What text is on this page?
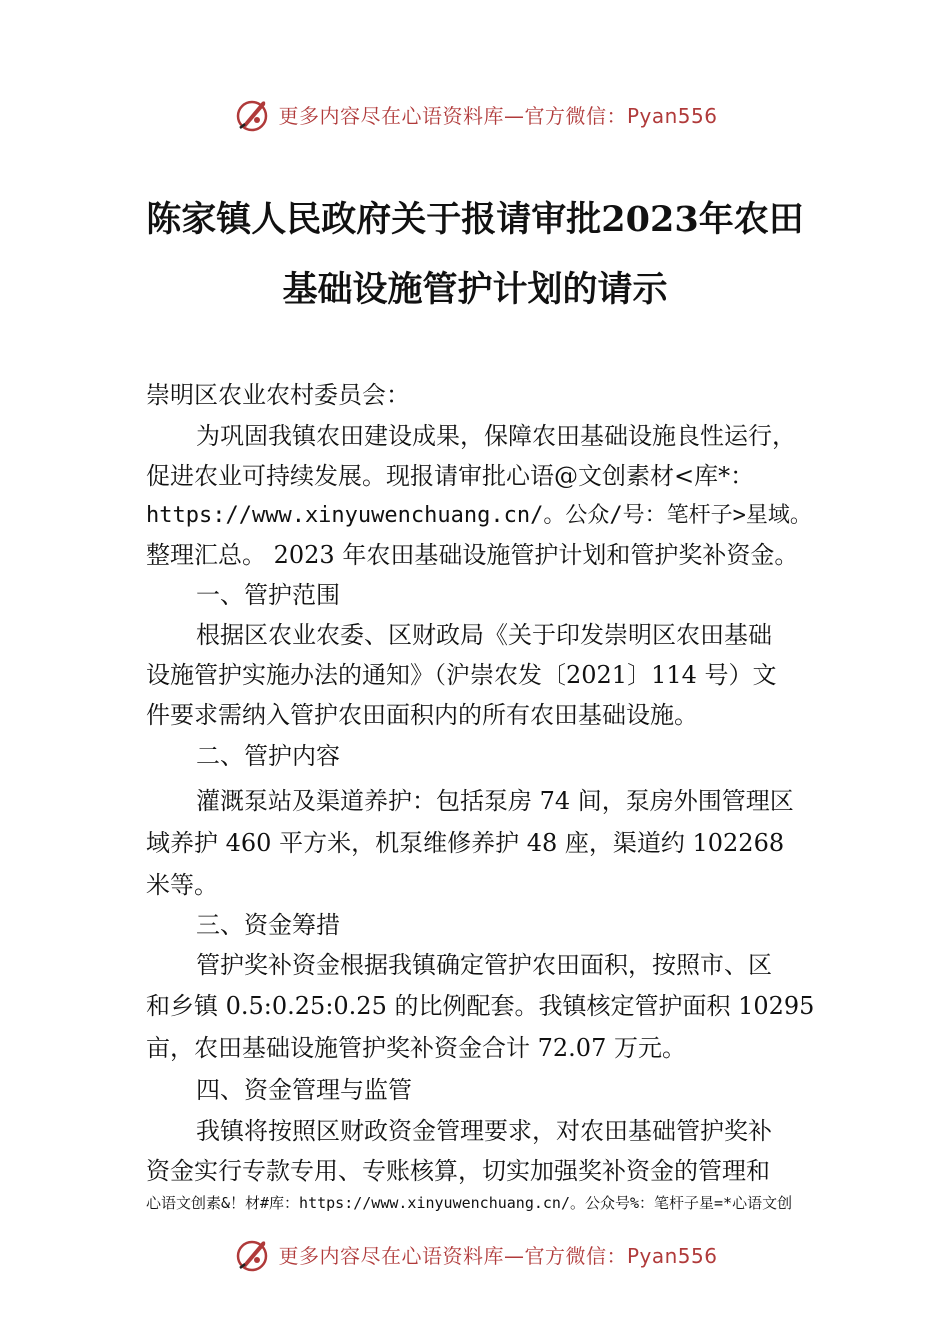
更多内容尽在心语资料库—官方微信：Pyan556
陈家镇人民政府关于报请审批2023年农田
基础设施管护计划的请示
崇明区农业农村委员会：
为巩固我镇农田建设成果，保障农田基础设施良性运行，
促进农业可持续发展。现报请审批心语@文创素材<库*：
https://www.xinyuwenchuang.cn/。公众/号：笔杆子>星域。
整理汇总。 2023 年农田基础设施管护计划和管护奖补资金。
一、管护范围
根据区农业农委、区财政局《关于印发崇明区农田基础
设施管护实施办法的通知》（沪崇农发〔2021〕114 号）文
件要求需纳入管护农田面积内的所有农田基础设施。
二、管护内容
灌溉泵站及渠道养护：包括泵房 74 间，泵房外围管理区
域养护 460 平方米，机泵维修养护 48 座，渠道约 102268
米等。
三、资金筹措
管护奖补资金根据我镇确定管护农田面积，按照市、区
和乡镇 0.5:0.25:0.25 的比例配套。我镇核定管护面积 10295
亩，农田基础设施管护奖补资金合计 72.07 万元。
四、资金管理与监管
我镇将按照区财政资金管理要求，对农田基础管护奖补
资金实行专款专用、专账核算，切实加强奖补资金的管理和
心语文创素&！材#库：https://www.xinyuwenchuang.cn/。公众号%：笔杆子星=*心语文创
更多内容尽在心语资料库—官方微信：Pyan556
